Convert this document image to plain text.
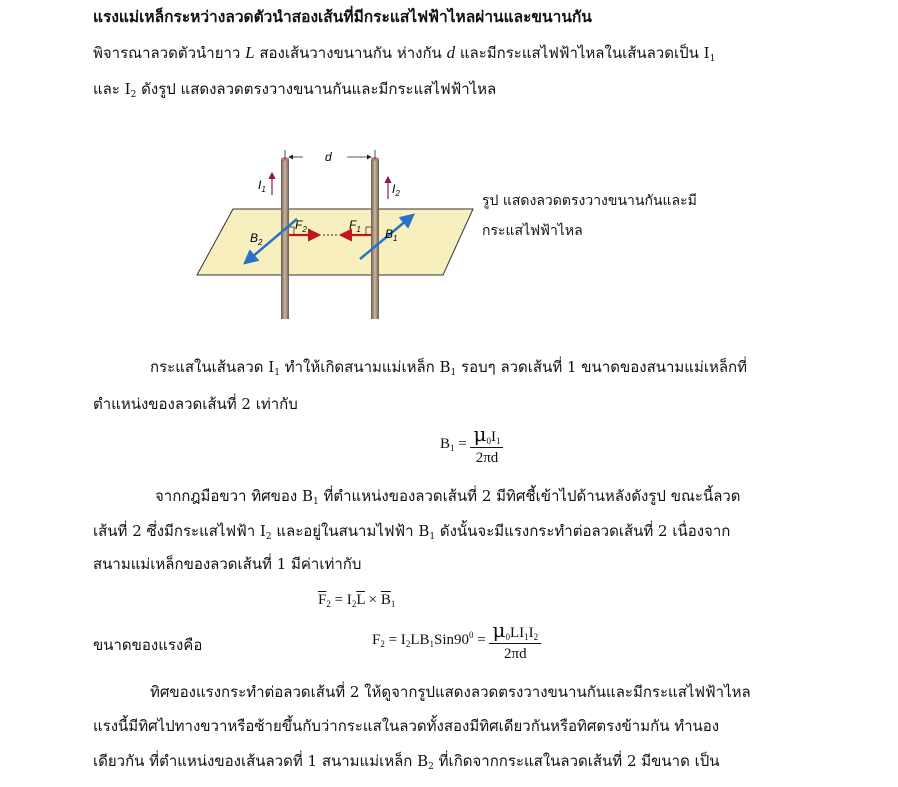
แรงแม่เหล็กระหว่างลวดตัวนำสองเส้นที่มีกระแสไฟฟ้าไหลผ่านและขนานกัน
พิจารณาลวดตัวนำยาว L สองเส้นวางขนานกัน ห่างกัน d และมีกระแสไฟฟ้าไหลในเส้นลวดเป็น $I_1$
และ $I_2$ ดังรูป แสดงลวดตรงวางขนานกันและมีกระแสไฟฟ้าไหล
d
$I_1$	$I_2$
$B_2$
$B_1$
$F_2$	$F_1$
รูป แสดงลวดตรงวางขนานกันและมี
กระแสไฟฟ้าไหล
กระแสในเส้นลวด $I_1$ ทำให้เกิดสนามแม่เหล็ก $B_1$ รอบๆ ลวดเส้นที่ 1 ขนาดของสนามแม่เหล็กที่
ตำแหน่งของลวดเส้นที่ 2 เท่ากับ
$B_1 = \frac{\mu_0I_1}{2\pi d}$
จากกฎมือขวา ทิศของ $B_1$ ที่ตำแหน่งของลวดเส้นที่ 2 มีทิศชี้เข้าไปด้านหลังดังรูป ขณะนี้ลวด
เส้นที่ 2 ซึ่งมีกระแสไฟฟ้า $I_2$ และอยู่ในสนามไฟฟ้า $B_1$ ดังนั้นจะมีแรงกระทำต่อลวดเส้นที่ 2 เนื่องจาก
สนามแม่เหล็กของลวดเส้นที่ 1 มีค่าเท่ากับ
$\overline{F}_2 = I_2\overline{L} \times \overline{B}_1$
ขนาดของแรงคือ	$F_2 = I_2LB_1Sin90^0 = \frac{\mu_0LI_1I_2}{2\pi d}$
ทิศของแรงกระทำต่อลวดเส้นที่ 2 ให้ดูจากรูปแสดงลวดตรงวางขนานกันและมีกระแสไฟฟ้าไหล
แรงนี้มีทิศไปทางขวาหรือซ้ายขึ้นกับว่ากระแสในลวดทั้งสองมีทิศเดียวกันหรือทิศตรงข้ามกัน ทำนอง
เดียวกัน ที่ตำแหน่งของเส้นลวดที่ 1 สนามแม่เหล็ก $B_2$ ที่เกิดจากกระแสในลวดเส้นที่ 2 มีขนาด เป็น
